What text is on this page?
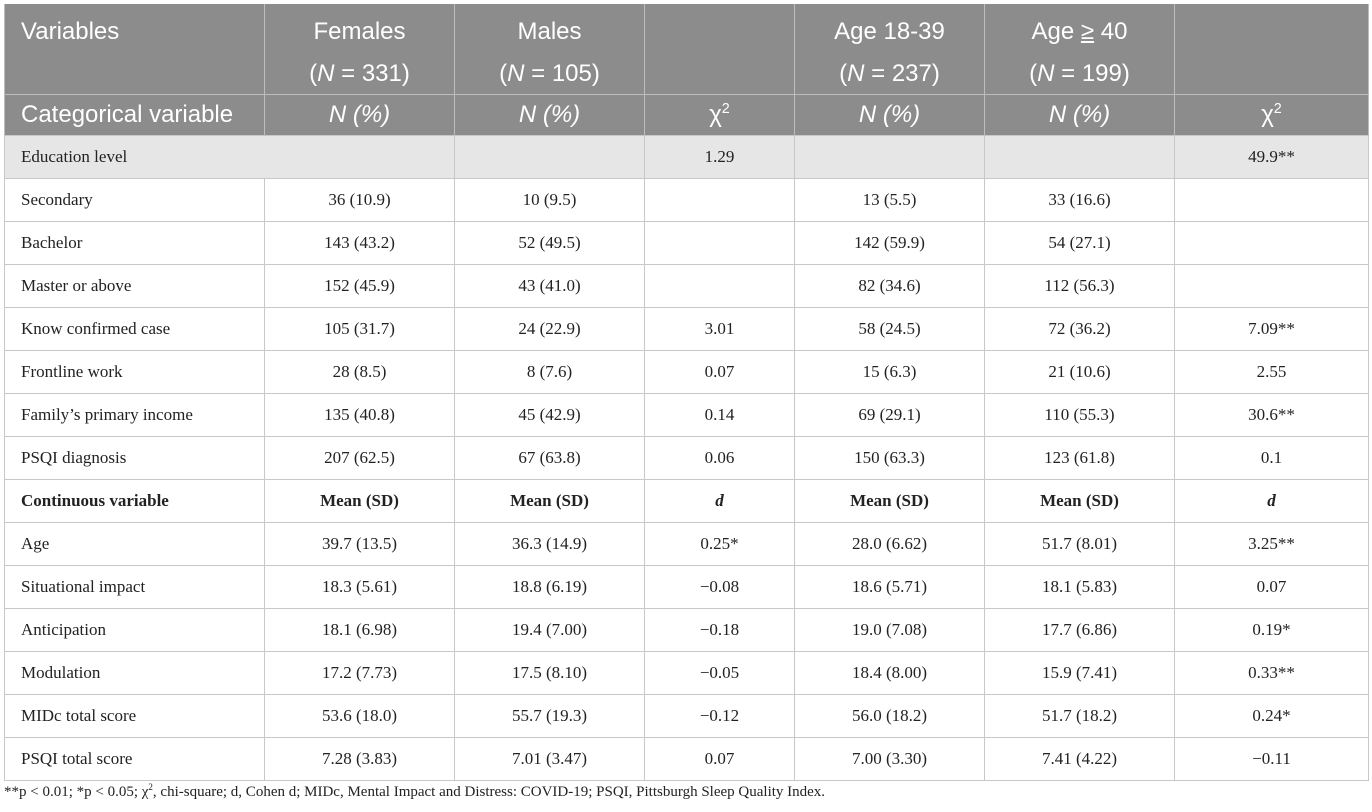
Variables	Females	Males		Age 18-39	Age ≥ 40	
	(N = 331)	(N = 105)		(N = 237)	(N = 199)	
Categorical variable	N (%)	N (%)	$\chi^2$	N (%)	N (%)	$\chi^2$
Education level			1.29			49.9**
Secondary	36 (10.9)	10 (9.5)		13 (5.5)	33 (16.6)	
Bachelor	143 (43.2)	52 (49.5)		142 (59.9)	54 (27.1)	
Master or above	152 (45.9)	43 (41.0)		82 (34.6)	112 (56.3)	
Know confirmed case	105 (31.7)	24 (22.9)	3.01	58 (24.5)	72 (36.2)	7.09**
Frontline work	28 (8.5)	8 (7.6)	0.07	15 (6.3)	21 (10.6)	2.55
Family’s primary income	135 (40.8)	45 (42.9)	0.14	69 (29.1)	110 (55.3)	30.6**
PSQI diagnosis	207 (62.5)	67 (63.8)	0.06	150 (63.3)	123 (61.8)	0.1
Continuous variable	Mean (SD)	Mean (SD)	d	Mean (SD)	Mean (SD)	d
Age	39.7 (13.5)	36.3 (14.9)	0.25*	28.0 (6.62)	51.7 (8.01)	3.25**
Situational impact	18.3 (5.61)	18.8 (6.19)	−0.08	18.6 (5.71)	18.1 (5.83)	0.07
Anticipation	18.1 (6.98)	19.4 (7.00)	−0.18	19.0 (7.08)	17.7 (6.86)	0.19*
Modulation	17.2 (7.73)	17.5 (8.10)	−0.05	18.4 (8.00)	15.9 (7.41)	0.33**
MIDc total score	53.6 (18.0)	55.7 (19.3)	−0.12	56.0 (18.2)	51.7 (18.2)	0.24*
PSQI total score	7.28 (3.83)	7.01 (3.47)	0.07	7.00 (3.30)	7.41 (4.22)	−0.11
**p < 0.01; *p < 0.05; $\chi^2$, chi-square; d, Cohen d; MIDc, Mental Impact and Distress: COVID-19; PSQI, Pittsburgh Sleep Quality Index.
